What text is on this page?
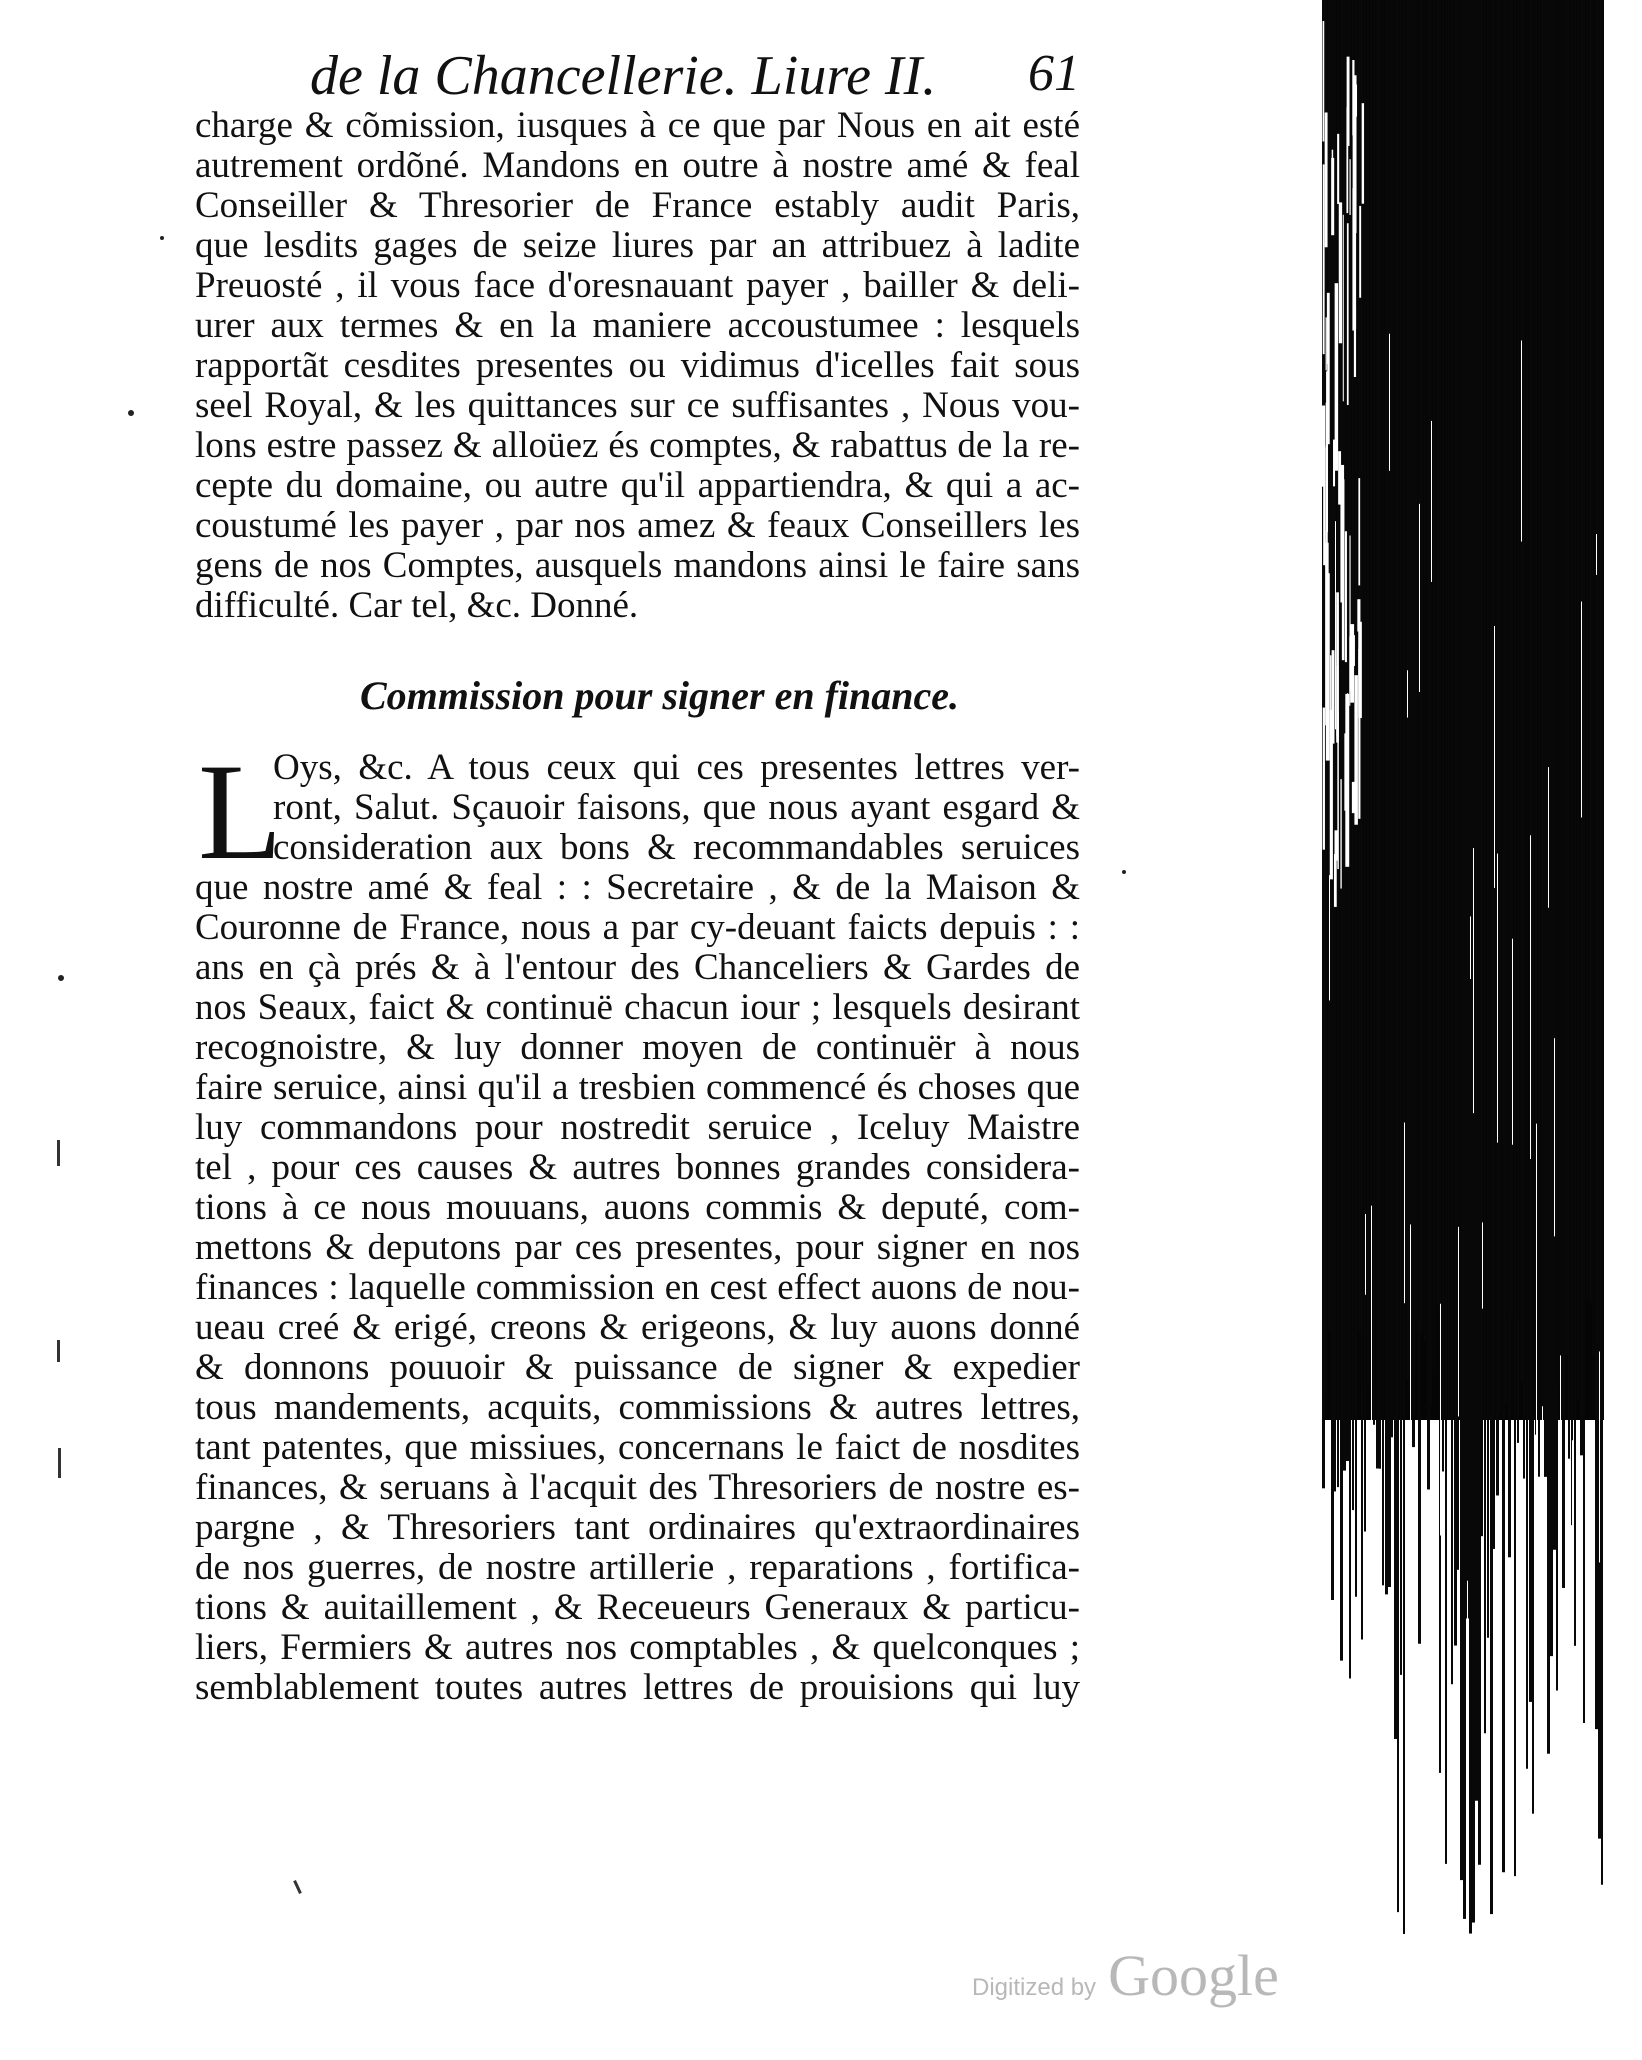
de la Chancellerie. Liure II. 61
charge & cõmission, iusques à ce que par Nous en ait esté
autrement ordõné. Mandons en outre à nostre amé & feal
Conseiller & Thresorier de France estably audit Paris,
que lesdits gages de seize liures par an attribuez à ladite
Preuosté , il vous face d'oresnauant payer , bailler & deli-
urer aux termes & en la maniere accoustumee : lesquels
rapportãt cesdites presentes ou vidimus d'icelles fait sous
seel Royal, & les quittances sur ce suffisantes , Nous vou-
lons estre passez & alloüez és comptes, & rabattus de la re-
cepte du domaine, ou autre qu'il appartiendra, & qui a ac-
coustumé les payer , par nos amez & feaux Conseillers les
gens de nos Comptes, ausquels mandons ainsi le faire sans
difficulté. Car tel, &c. Donné.
Commission pour signer en finance.
L
Oys, &c. A tous ceux qui ces presentes lettres ver-
ront, Salut. Sçauoir faisons, que nous ayant esgard &
consideration aux bons & recommandables seruices
que nostre amé & feal : : Secretaire , & de la Maison &
Couronne de France, nous a par cy-deuant faicts depuis : :
ans en çà prés & à l'entour des Chanceliers & Gardes de
nos Seaux, faict & continuë chacun iour ; lesquels desirant
recognoistre, & luy donner moyen de continuër à nous
faire seruice, ainsi qu'il a tresbien commencé és choses que
luy commandons pour nostredit seruice , Iceluy Maistre
tel , pour ces causes & autres bonnes grandes considera-
tions à ce nous mouuans, auons commis & deputé, com-
mettons & deputons par ces presentes, pour signer en nos
finances : laquelle commission en cest effect auons de nou-
ueau creé & erigé, creons & erigeons, & luy auons donné
& donnons pouuoir & puissance de signer & expedier
tous mandements, acquits, commissions & autres lettres,
tant patentes, que missiues, concernans le faict de nosdites
finances, & seruans à l'acquit des Thresoriers de nostre es-
pargne , & Thresoriers tant ordinaires qu'extraordinaires
de nos guerres, de nostre artillerie , reparations , fortifica-
tions & auitaillement , & Receueurs Generaux & particu-
liers, Fermiers & autres nos comptables , & quelconques ;
semblablement toutes autres lettres de prouisions qui luy
Digitized by Google
